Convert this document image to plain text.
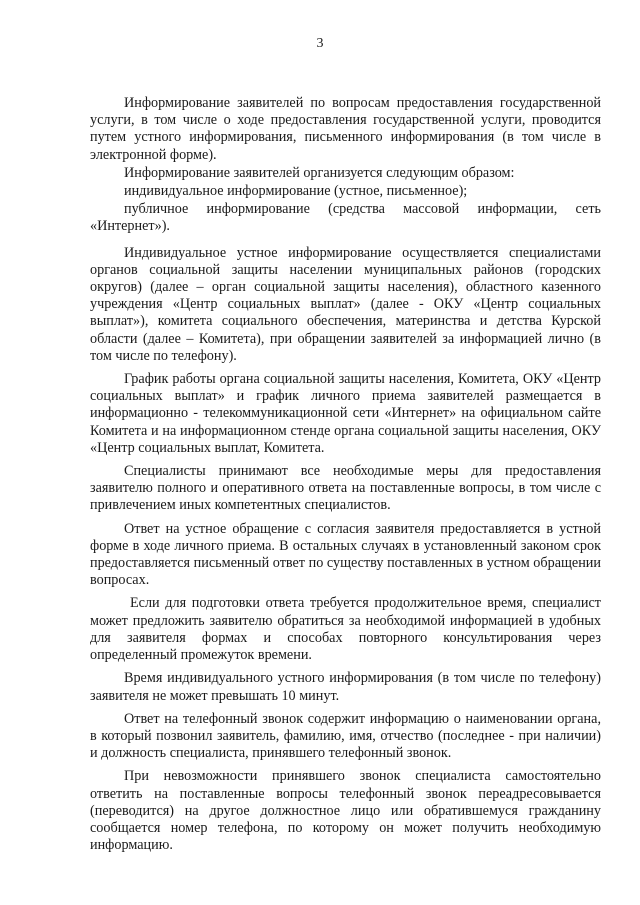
3

Информирование заявителей по вопросам предоставления государственной услуги, в том числе о ходе предоставления государственной услуги, проводится путем устного информирования, письменного информирования (в том числе в электронной форме).

Информирование заявителей организуется следующим образом:

индивидуальное информирование (устное, письменное);

публичное информирование (средства массовой информации, сеть «Интернет»).

Индивидуальное устное информирование осуществляется специалистами органов социальной защиты населении муниципальных районов (городских округов) (далее – орган социальной защиты населения), областного казенного учреждения «Центр социальных выплат» (далее - ОКУ «Центр социальных выплат»), комитета социального обеспечения, материнства и детства Курской области (далее – Комитета), при обращении заявителей за информацией лично (в том числе по телефону).

График работы органа социальной защиты населения, Комитета, ОКУ «Центр социальных выплат» и график личного приема заявителей размещается в информационно - телекоммуникационной сети «Интернет» на официальном сайте Комитета и на информационном стенде органа социальной защиты населения, ОКУ «Центр социальных выплат, Комитета.

Специалисты принимают все необходимые меры для предоставления заявителю полного и оперативного ответа на поставленные вопросы, в том числе с привлечением иных компетентных специалистов.

Ответ на устное обращение с согласия заявителя предоставляется в устной форме в ходе личного приема. В остальных случаях в установленный законом срок предоставляется письменный ответ по существу поставленных в устном обращении вопросах.

Если для подготовки ответа требуется продолжительное время, специалист может предложить заявителю обратиться за необходимой информацией в удобных для заявителя формах и способах повторного консультирования через определенный промежуток времени.

Время индивидуального устного информирования (в том числе по телефону) заявителя не может превышать 10 минут.

Ответ на телефонный звонок содержит информацию о наименовании органа, в который позвонил заявитель, фамилию, имя, отчество (последнее - при наличии) и должность специалиста, принявшего телефонный звонок.

При невозможности принявшего звонок специалиста самостоятельно ответить на поставленные вопросы телефонный звонок переадресовывается (переводится) на другое должностное лицо или обратившемуся гражданину сообщается номер телефона, по которому он может получить необходимую информацию.
